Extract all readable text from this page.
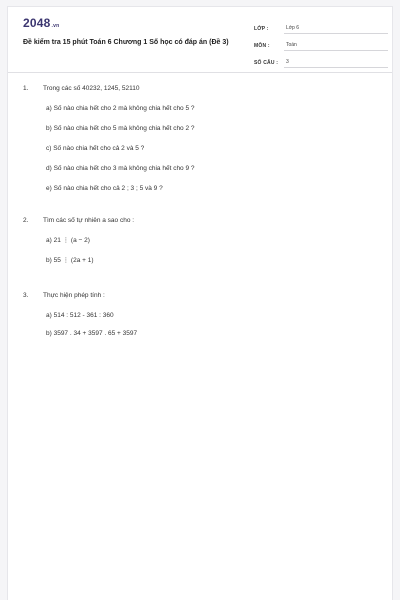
2048.vn
Đề kiểm tra 15 phút Toán 6 Chương 1 Số học có đáp án (Đề 3)
LỚP :	Lớp 6
MÔN :	Toán
SỐ CÂU :	3
1.	Trong các số 40232, 1245, 52110
a) Số nào chia hết cho 2 mà không chia hết cho 5 ?
b) Số nào chia hết cho 5 mà không chia hết cho 2 ?
c) Số nào chia hết cho cả 2 và 5 ?
d) Số nào chia hết cho 3 mà không chia hết cho 9 ?
e) Số nào chia hết cho cả 2 ; 3 ; 5 và 9 ?
2.	Tìm các số tự nhiên a sao cho :
a) 21 ⋮ (a − 2)
b) 55 ⋮ (2a + 1)
3.	Thực hiện phép tính :
a) 514 : 512 - 361 : 360
b) 3597 . 34 + 3597 . 65 + 3597
